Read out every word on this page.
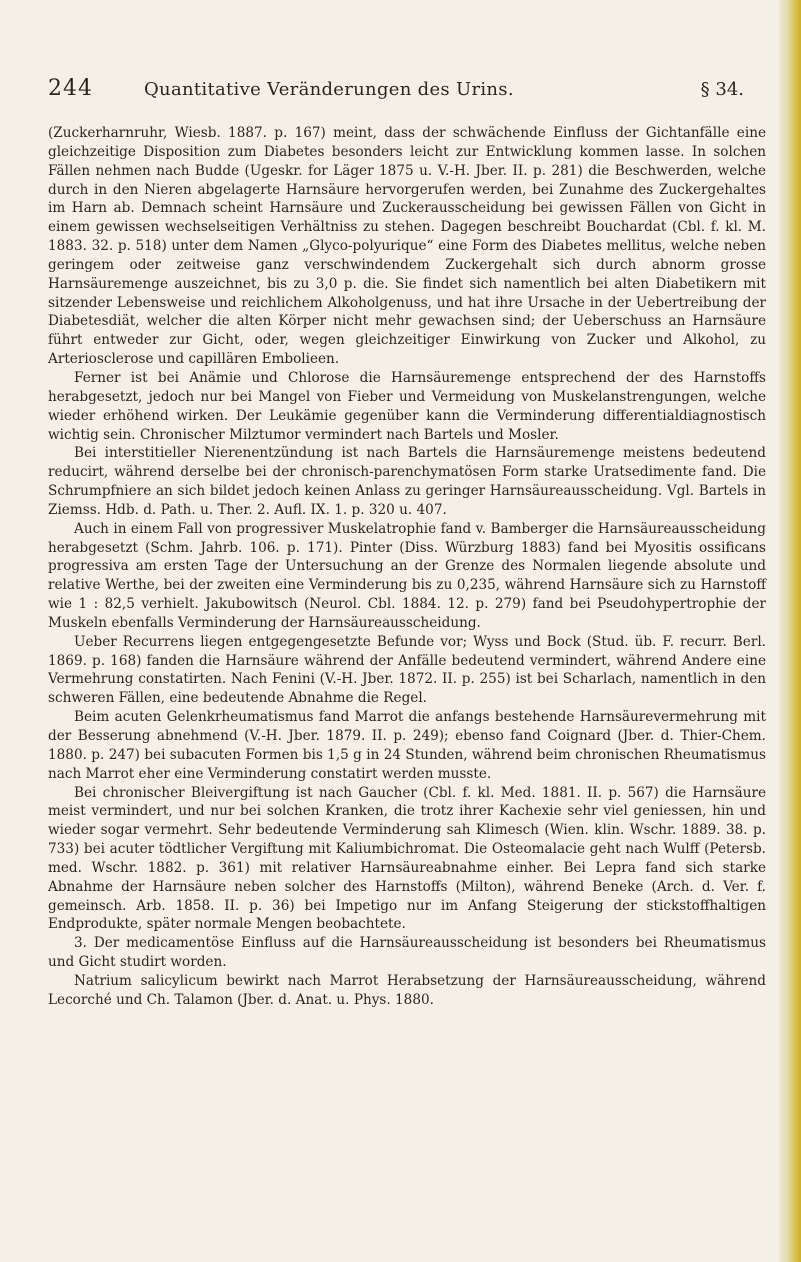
244	Quantitative Veränderungen des Urins.	§ 34.

(Zuckerharnruhr, Wiesb. 1887. p. 167) meint, dass der schwächende Einfluss der Gichtanfälle eine gleichzeitige Disposition zum Diabetes besonders leicht zur Entwicklung kommen lasse. In solchen Fällen nehmen nach Budde (Ugeskr. for Läger 1875 u. V.-H. Jber. II. p. 281) die Beschwerden, welche durch in den Nieren abgelagerte Harnsäure hervorgerufen werden, bei Zunahme des Zuckergehaltes im Harn ab. Demnach scheint Harnsäure und Zuckerausscheidung bei gewissen Fällen von Gicht in einem gewissen wechselseitigen Verhältniss zu stehen. Dagegen beschreibt Bouchardat (Cbl. f. kl. M. 1883. 32. p. 518) unter dem Namen „Glyco-polyurique“ eine Form des Diabetes mellitus, welche neben geringem oder zeitweise ganz verschwindendem Zuckergehalt sich durch abnorm grosse Harnsäuremenge auszeichnet, bis zu 3,0 p. die. Sie findet sich namentlich bei alten Diabetikern mit sitzender Lebensweise und reichlichem Alkoholgenuss, und hat ihre Ursache in der Uebertreibung der Diabetesdiät, welcher die alten Körper nicht mehr gewachsen sind; der Ueberschuss an Harnsäure führt entweder zur Gicht, oder, wegen gleichzeitiger Einwirkung von Zucker und Alkohol, zu Arteriosclerose und capillären Embolieen.

Ferner ist bei Anämie und Chlorose die Harnsäuremenge entsprechend der des Harnstoffs herabgesetzt, jedoch nur bei Mangel von Fieber und Vermeidung von Muskelanstrengungen, welche wieder erhöhend wirken. Der Leukämie gegenüber kann die Verminderung differentialdiagnostisch wichtig sein. Chronischer Milztumor vermindert nach Bartels und Mosler.

Bei interstitieller Nierenentzündung ist nach Bartels die Harnsäuremenge meistens bedeutend reducirt, während derselbe bei der chronisch-parenchymatösen Form starke Uratsedimente fand. Die Schrumpfniere an sich bildet jedoch keinen Anlass zu geringer Harnsäureausscheidung. Vgl. Bartels in Ziemss. Hdb. d. Path. u. Ther. 2. Aufl. IX. 1. p. 320 u. 407.

Auch in einem Fall von progressiver Muskelatrophie fand v. Bamberger die Harnsäureausscheidung herabgesetzt (Schm. Jahrb. 106. p. 171). Pinter (Diss. Würzburg 1883) fand bei Myositis ossificans progressiva am ersten Tage der Untersuchung an der Grenze des Normalen liegende absolute und relative Werthe, bei der zweiten eine Verminderung bis zu 0,235, während Harnsäure sich zu Harnstoff wie 1 : 82,5 verhielt. Jakubowitsch (Neurol. Cbl. 1884. 12. p. 279) fand bei Pseudohypertrophie der Muskeln ebenfalls Verminderung der Harnsäureausscheidung.

Ueber Recurrens liegen entgegengesetzte Befunde vor; Wyss und Bock (Stud. üb. F. recurr. Berl. 1869. p. 168) fanden die Harnsäure während der Anfälle bedeutend vermindert, während Andere eine Vermehrung constatirten. Nach Fenini (V.-H. Jber. 1872. II. p. 255) ist bei Scharlach, namentlich in den schweren Fällen, eine bedeutende Abnahme die Regel.

Beim acuten Gelenkrheumatismus fand Marrot die anfangs bestehende Harnsäurevermehrung mit der Besserung abnehmend (V.-H. Jber. 1879. II. p. 249); ebenso fand Coignard (Jber. d. Thier-Chem. 1880. p. 247) bei subacuten Formen bis 1,5 g in 24 Stunden, während beim chronischen Rheumatismus nach Marrot eher eine Verminderung constatirt werden musste.

Bei chronischer Bleivergiftung ist nach Gaucher (Cbl. f. kl. Med. 1881. II. p. 567) die Harnsäure meist vermindert, und nur bei solchen Kranken, die trotz ihrer Kachexie sehr viel geniessen, hin und wieder sogar vermehrt. Sehr bedeutende Verminderung sah Klimesch (Wien. klin. Wschr. 1889. 38. p. 733) bei acuter tödtlicher Vergiftung mit Kaliumbichromat. Die Osteomalacie geht nach Wulff (Petersb. med. Wschr. 1882. p. 361) mit relativer Harnsäureabnahme einher. Bei Lepra fand sich starke Abnahme der Harnsäure neben solcher des Harnstoffs (Milton), während Beneke (Arch. d. Ver. f. gemeinsch. Arb. 1858. II. p. 36) bei Impetigo nur im Anfang Steigerung der stickstoffhaltigen Endprodukte, später normale Mengen beobachtete.

3. Der medicamentöse Einfluss auf die Harnsäureausscheidung ist besonders bei Rheumatismus und Gicht studirt worden.

Natrium salicylicum bewirkt nach Marrot Herabsetzung der Harnsäureausscheidung, während Lecorché und Ch. Talamon (Jber. d. Anat. u. Phys. 1880.
